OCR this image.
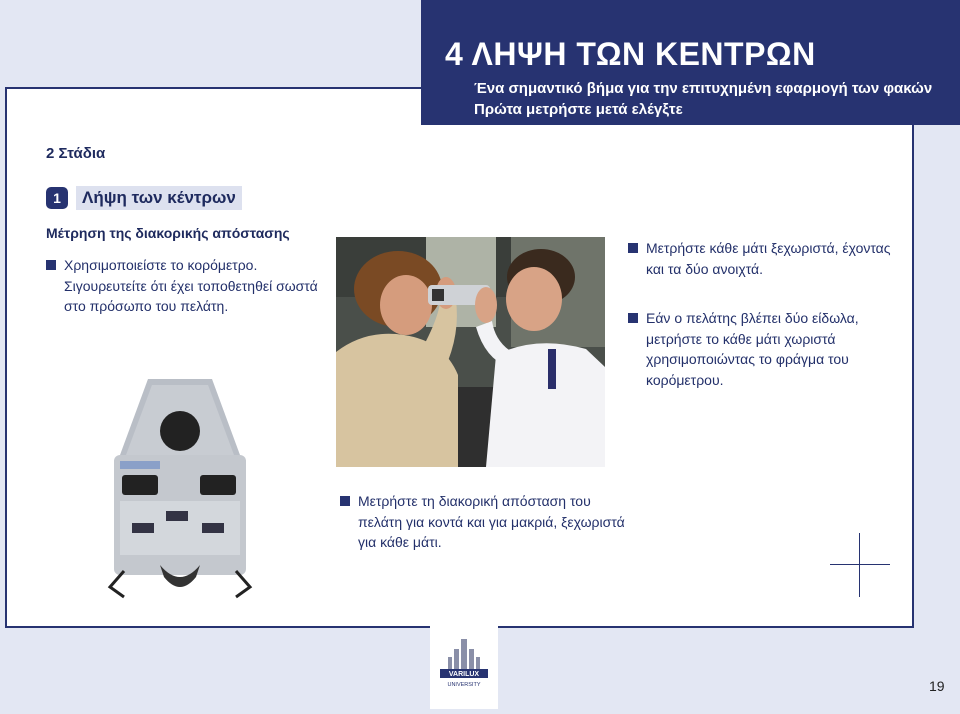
4 ΛΗΨΗ ΤΩΝ ΚΕΝΤΡΩΝ
Ένα σημαντικό βήμα για την επιτυχημένη εφαρμογή των φακών
Πρώτα μετρήστε μετά ελέγξτε
2 Στάδια
1	Λήψη των κέντρων
Μέτρηση της διακορικής απόστασης
Χρησιμοποιείστε το κορόμετρο. Σιγουρευτείτε ότι έχει τοποθετηθεί σωστά στο πρόσωπο του πελάτη.
Μετρήστε κάθε μάτι ξεχωριστά, έχοντας και τα δύο ανοιχτά.
Εάν ο πελάτης βλέπει δύο είδωλα, μετρήστε το κάθε μάτι χωριστά χρησιμοποιώντας το φράγμα του κορόμετρου.
Μετρήστε τη διακορική απόσταση του πελάτη για κοντά και για μακριά, ξεχωριστά για κάθε μάτι.
VARILUX
UNIVERSITY	19
